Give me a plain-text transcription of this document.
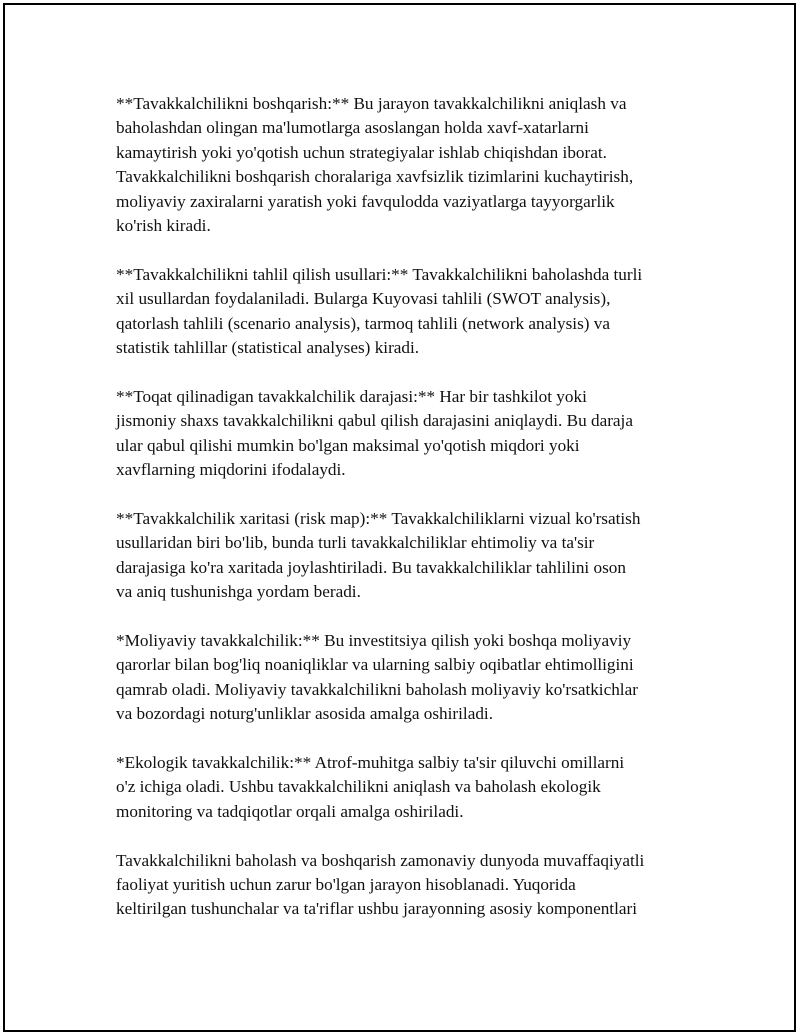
**Tavakkalchilikni boshqarish:** Bu jarayon tavakkalchilikni aniqlash va
baholashdan olingan ma'lumotlarga asoslangan holda xavf-xatarlarni
kamaytirish yoki yo'qotish uchun strategiyalar ishlab chiqishdan iborat.
Tavakkalchilikni boshqarish choralariga xavfsizlik tizimlarini kuchaytirish,
moliyaviy zaxiralarni yaratish yoki favqulodda vaziyatlarga tayyorgarlik
ko'rish kiradi.

**Tavakkalchilikni tahlil qilish usullari:** Tavakkalchilikni baholashda turli
xil usullardan foydalaniladi. Bularga Kuyovasi tahlili (SWOT analysis),
qatorlash tahlili (scenario analysis), tarmoq tahlili (network analysis) va
statistik tahlillar (statistical analyses) kiradi.

**Toqat qilinadigan tavakkalchilik darajasi:** Har bir tashkilot yoki
jismoniy shaxs tavakkalchilikni qabul qilish darajasini aniqlaydi. Bu daraja
ular qabul qilishi mumkin bo'lgan maksimal yo'qotish miqdori yoki
xavflarning miqdorini ifodalaydi.

**Tavakkalchilik xaritasi (risk map):** Tavakkalchiliklarni vizual ko'rsatish
usullaridan biri bo'lib, bunda turli tavakkalchiliklar ehtimoliy va ta'sir
darajasiga ko'ra xaritada joylashtiriladi. Bu tavakkalchiliklar tahlilini oson
va aniq tushunishga yordam beradi.

*Moliyaviy tavakkalchilik:** Bu investitsiya qilish yoki boshqa moliyaviy
qarorlar bilan bog'liq noaniqliklar va ularning salbiy oqibatlar ehtimolligini
qamrab oladi. Moliyaviy tavakkalchilikni baholash moliyaviy ko'rsatkichlar
va bozordagi noturg'unliklar asosida amalga oshiriladi.

*Ekologik tavakkalchilik:** Atrof-muhitga salbiy ta'sir qiluvchi omillarni
o'z ichiga oladi. Ushbu tavakkalchilikni aniqlash va baholash ekologik
monitoring va tadqiqotlar orqali amalga oshiriladi.

Tavakkalchilikni baholash va boshqarish zamonaviy dunyoda muvaffaqiyatli
faoliyat yuritish uchun zarur bo'lgan jarayon hisoblanadi. Yuqorida
keltirilgan tushunchalar va ta'riflar ushbu jarayonning asosiy komponentlari
